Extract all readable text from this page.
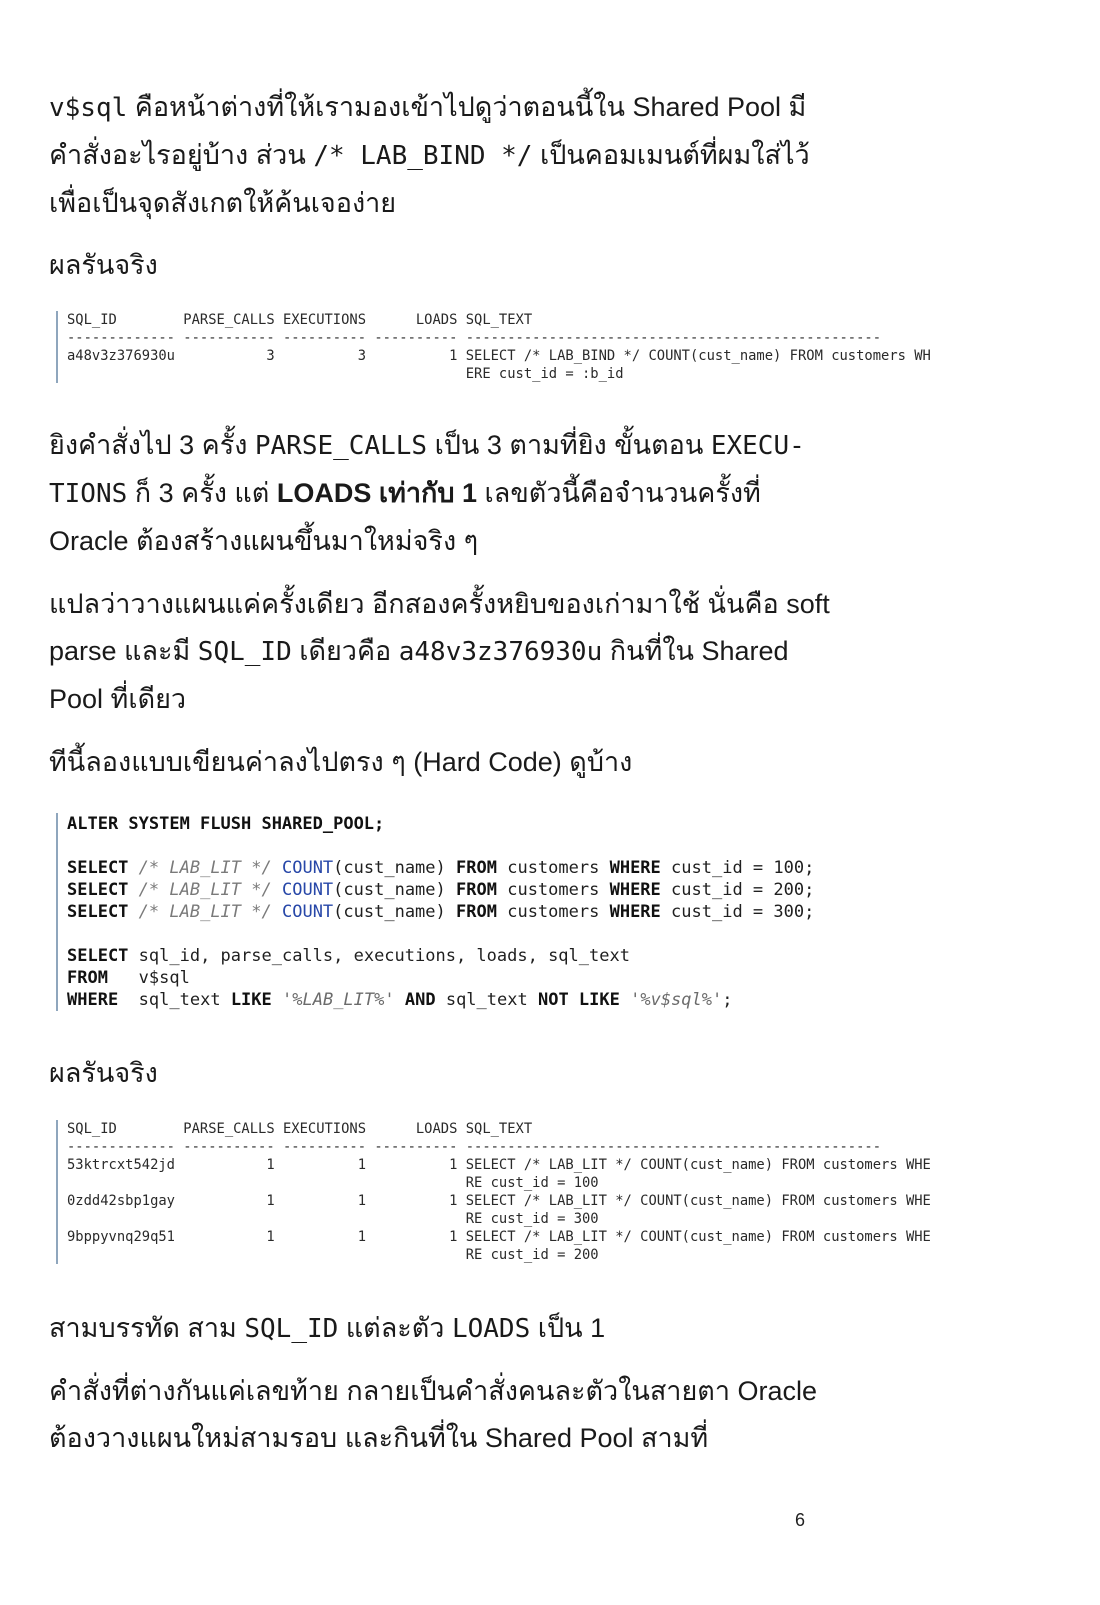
v$sql คือหน้าต่างที่ให้เรามองเข้าไปดูว่าตอนนี้ใน Shared Pool มีคำสั่งอะไรอยู่บ้าง ส่วน /* LAB_BIND */ เป็นคอมเมนต์ที่ผมใส่ไว้เพื่อเป็นจุดสังเกตให้ค้นเจอง่าย

ผลรันจริง

SQL_ID        PARSE_CALLS EXECUTIONS      LOADS SQL_TEXT
------------- ----------- ---------- ---------- --------------------------------------------------
a48v3z376930u           3          3          1 SELECT /* LAB_BIND */ COUNT(cust_name) FROM customers WH
ERE cust_id = :b_id

ยิงคำสั่งไป 3 ครั้ง PARSE_CALLS เป็น 3 ตามที่ยิง ขั้นตอน EXECU-TIONS ก็ 3 ครั้ง แต่ LOADS เท่ากับ 1 เลขตัวนี้คือจำนวนครั้งที่ Oracle ต้องสร้างแผนขึ้นมาใหม่จริง ๆ

แปลว่าวางแผนแค่ครั้งเดียว อีกสองครั้งหยิบของเก่ามาใช้ นั่นคือ soft parse และมี SQL_ID เดียวคือ a48v3z376930u กินที่ใน Shared Pool ที่เดียว

ทีนี้ลองแบบเขียนค่าลงไปตรง ๆ (Hard Code) ดูบ้าง

ALTER SYSTEM FLUSH SHARED_POOL;

SELECT /* LAB_LIT */ COUNT(cust_name) FROM customers WHERE cust_id = 100;
SELECT /* LAB_LIT */ COUNT(cust_name) FROM customers WHERE cust_id = 200;
SELECT /* LAB_LIT */ COUNT(cust_name) FROM customers WHERE cust_id = 300;

SELECT sql_id, parse_calls, executions, loads, sql_text
FROM v$sql
WHERE sql_text LIKE '%LAB_LIT%' AND sql_text NOT LIKE '%v$sql%';

ผลรันจริง

SQL_ID        PARSE_CALLS EXECUTIONS      LOADS SQL_TEXT
------------- ----------- ---------- ---------- --------------------------------------------------
53ktrcxt542jd           1          1          1 SELECT /* LAB_LIT */ COUNT(cust_name) FROM customers WHE
RE cust_id = 100
0zdd42sbp1gay           1          1          1 SELECT /* LAB_LIT */ COUNT(cust_name) FROM customers WHE
RE cust_id = 300
9bppyvnq29q51           1          1          1 SELECT /* LAB_LIT */ COUNT(cust_name) FROM customers WHE
RE cust_id = 200

สามบรรทัด สาม SQL_ID แต่ละตัว LOADS เป็น 1

คำสั่งที่ต่างกันแค่เลขท้าย กลายเป็นคำสั่งคนละตัวในสายตา Oracle ต้องวางแผนใหม่สามรอบ และกินที่ใน Shared Pool สามที่

6
